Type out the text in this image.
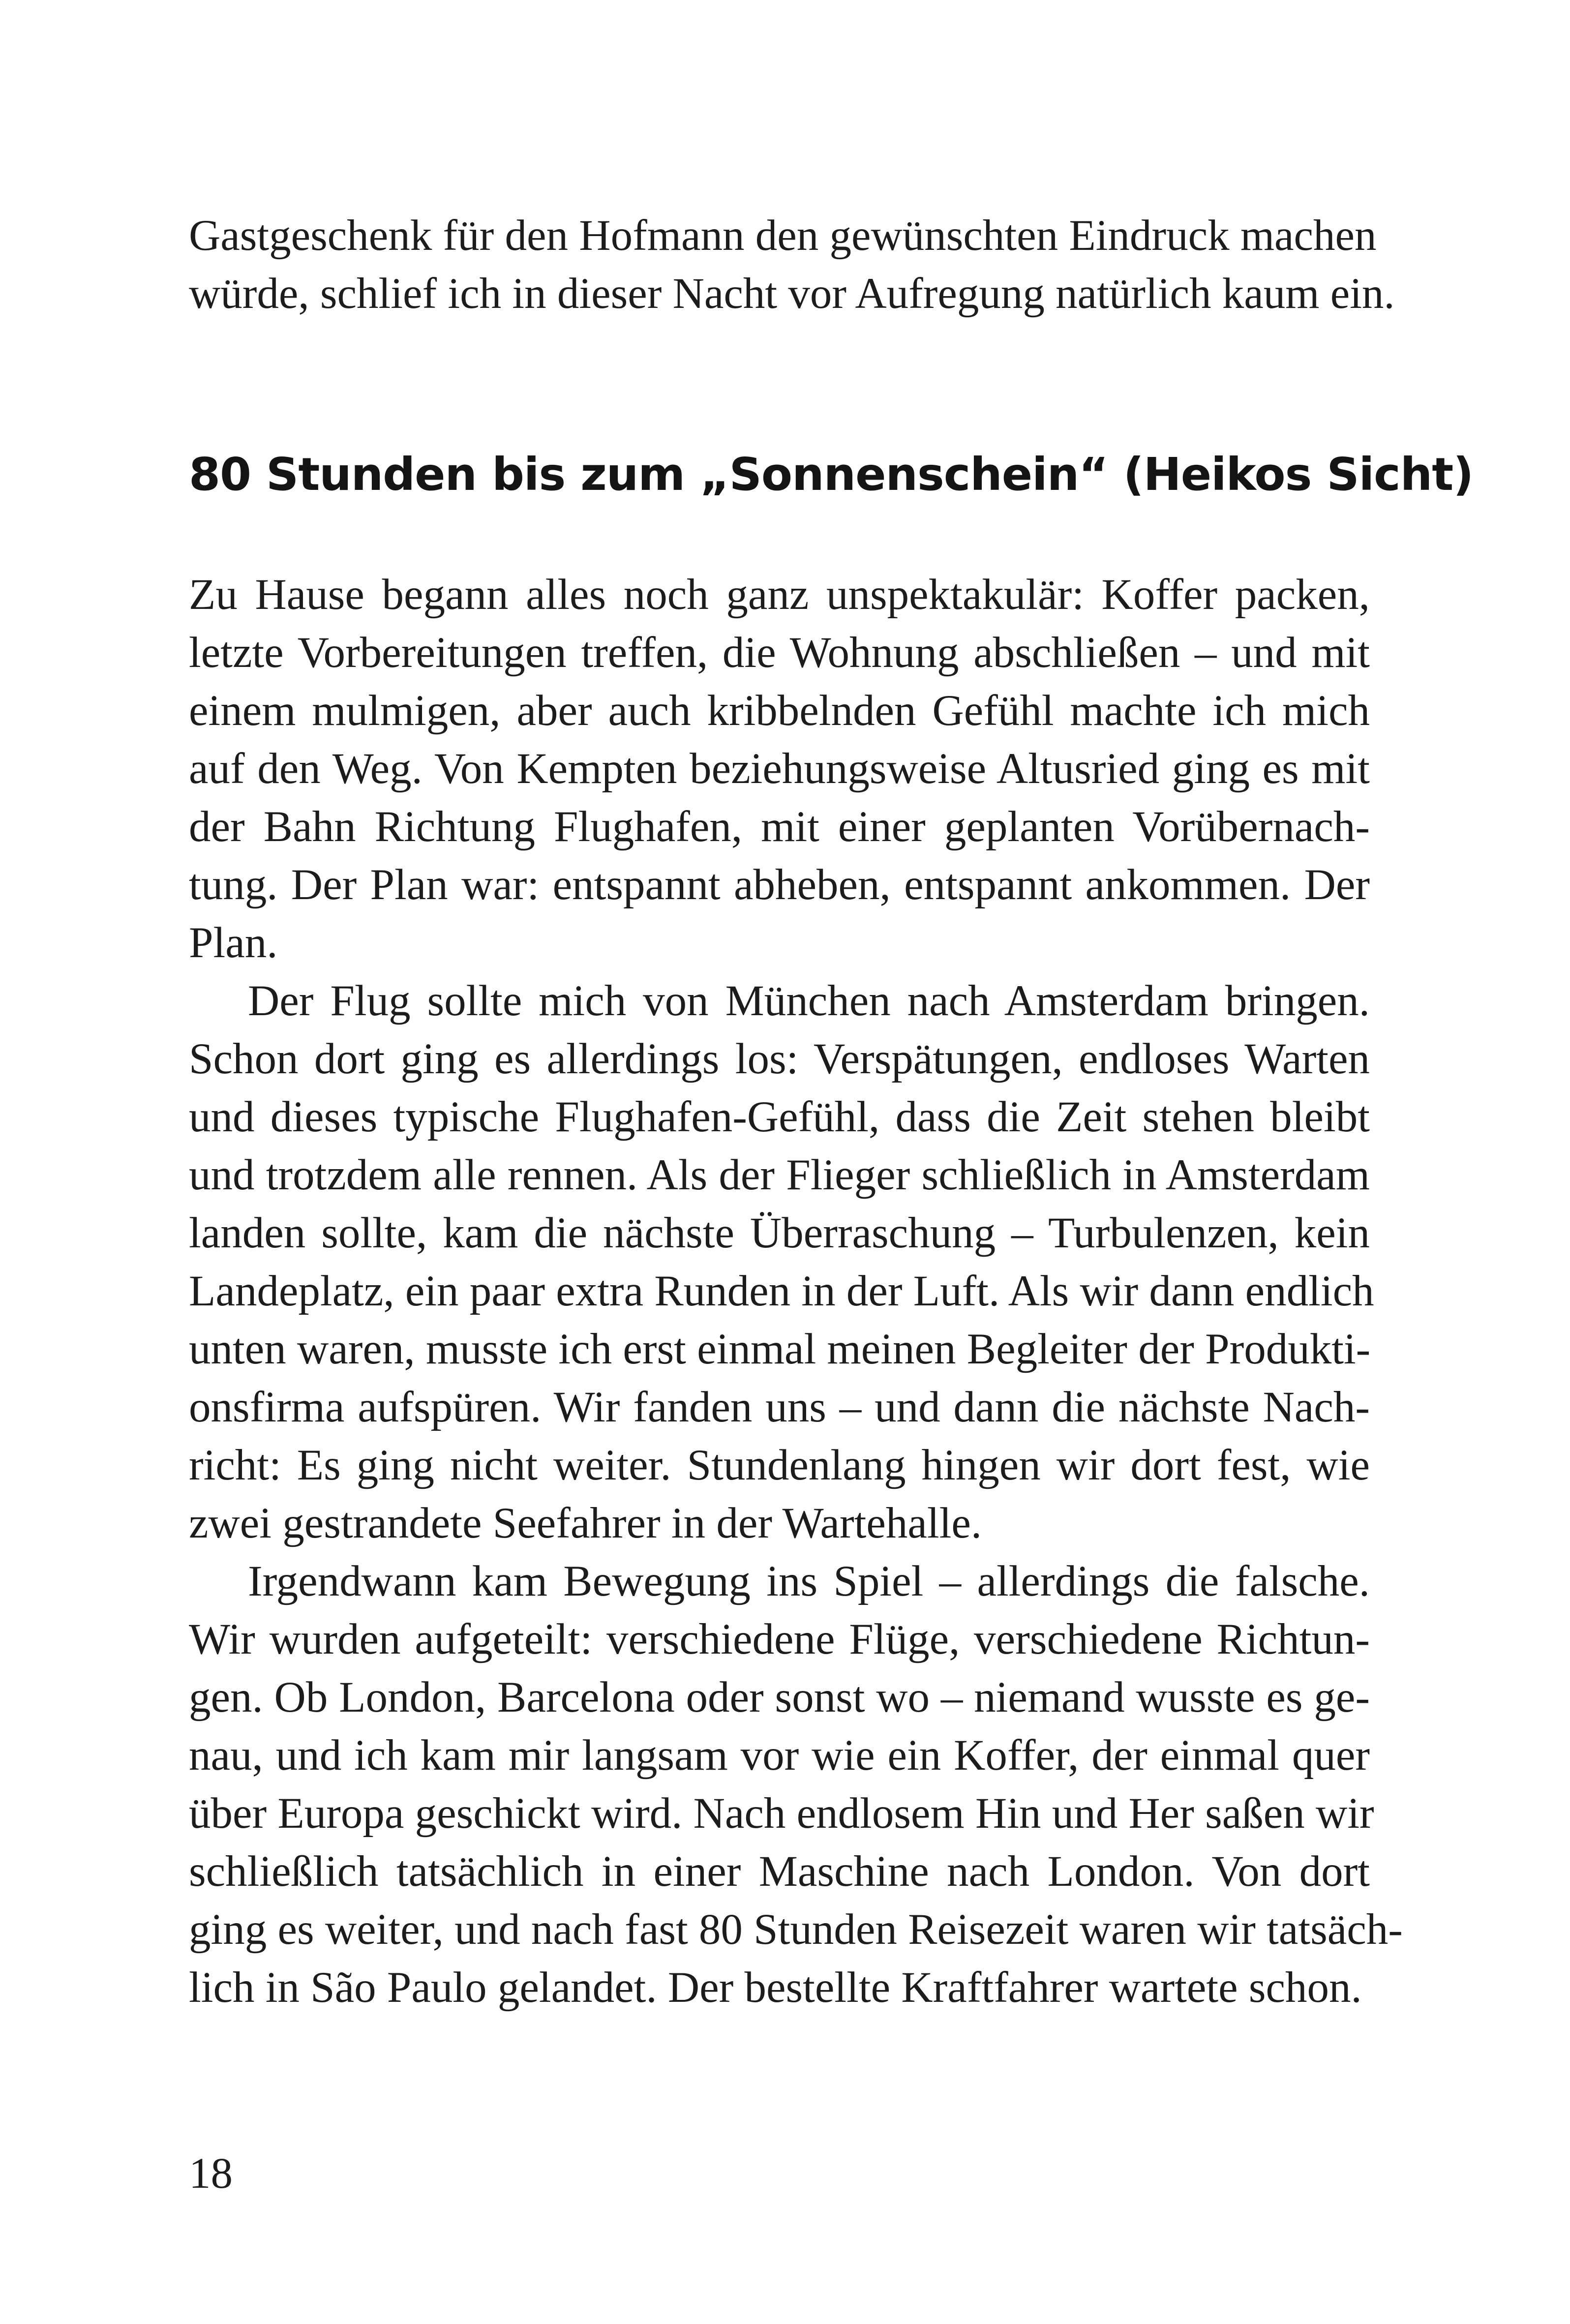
Gastgeschenk für den Hofmann den gewünschten Eindruck machen
würde, schlief ich in dieser Nacht vor Aufregung natürlich kaum ein.
80 Stunden bis zum „Sonnenschein“ (Heikos Sicht)
Zu Hause begann alles noch ganz unspektakulär: Koffer packen,
letzte Vorbereitungen treffen, die Wohnung abschließen – und mit
einem mulmigen, aber auch kribbelnden Gefühl machte ich mich
auf den Weg. Von Kempten beziehungsweise Altusried ging es mit
der Bahn Richtung Flughafen, mit einer geplanten Vorübernach-
tung. Der Plan war: entspannt abheben, entspannt ankommen. Der
Plan.
Der Flug sollte mich von München nach Amsterdam bringen.
Schon dort ging es allerdings los: Verspätungen, endloses Warten
und dieses typische Flughafen-Gefühl, dass die Zeit stehen bleibt
und trotzdem alle rennen. Als der Flieger schließlich in Amsterdam
landen sollte, kam die nächste Überraschung – Turbulenzen, kein
Landeplatz, ein paar extra Runden in der Luft. Als wir dann endlich
unten waren, musste ich erst einmal meinen Begleiter der Produkti-
onsfirma aufspüren. Wir fanden uns – und dann die nächste Nach-
richt: Es ging nicht weiter. Stundenlang hingen wir dort fest, wie
zwei gestrandete Seefahrer in der Wartehalle.
Irgendwann kam Bewegung ins Spiel – allerdings die falsche.
Wir wurden aufgeteilt: verschiedene Flüge, verschiedene Richtun-
gen. Ob London, Barcelona oder sonst wo – niemand wusste es ge-
nau, und ich kam mir langsam vor wie ein Koffer, der einmal quer
über Europa geschickt wird. Nach endlosem Hin und Her saßen wir
schließlich tatsächlich in einer Maschine nach London. Von dort
ging es weiter, und nach fast 80 Stunden Reisezeit waren wir tatsäch-
lich in São Paulo gelandet. Der bestellte Kraftfahrer wartete schon.
18
